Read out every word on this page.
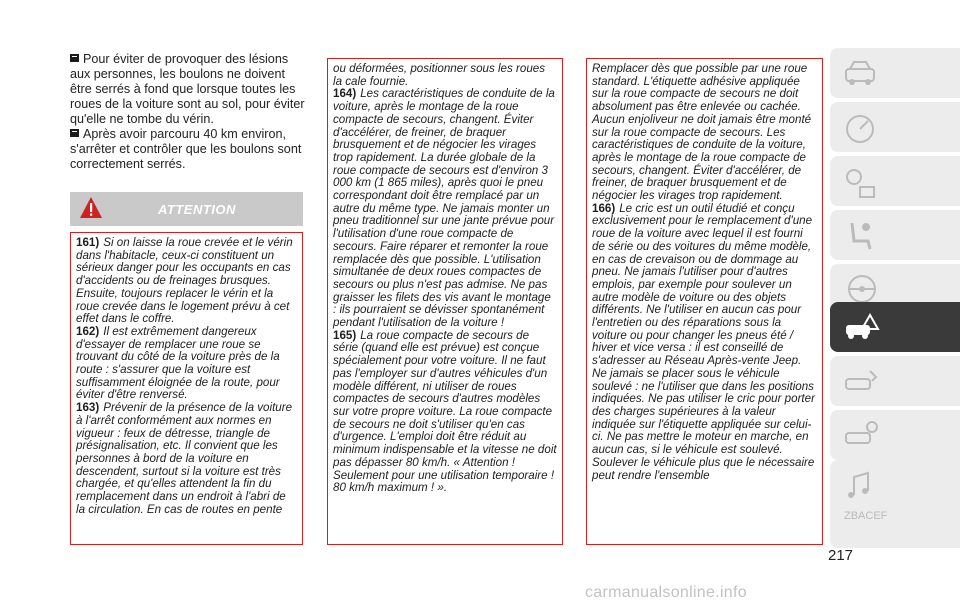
Pour éviter de provoquer des lésions aux personnes, les boulons ne doivent être serrés à fond que lorsque toutes les roues de la voiture sont au sol, pour éviter qu'elle ne tombe du vérin.

Après avoir parcouru 40 km environ, s'arrêter et contrôler que les boulons sont correctement serrés.

ATTENTION

161) Si on laisse la roue crevée et le vérin dans l'habitacle, ceux-ci constituent un sérieux danger pour les occupants en cas d'accidents ou de freinages brusques. Ensuite, toujours replacer le vérin et la roue crevée dans le logement prévu à cet effet dans le coffre.

162) Il est extrêmement dangereux d'essayer de remplacer une roue se trouvant du côté de la voiture près de la route : s'assurer que la voiture est suffisamment éloignée de la route, pour éviter d'être renversé.

163) Prévenir de la présence de la voiture à l'arrêt conformément aux normes en vigueur : feux de détresse, triangle de présignalisation, etc. Il convient que les personnes à bord de la voiture en descendent, surtout si la voiture est très chargée, et qu'elles attendent la fin du remplacement dans un endroit à l'abri de la circulation. En cas de routes en pente

ou déformées, positionner sous les roues la cale fournie.

164) Les caractéristiques de conduite de la voiture, après le montage de la roue compacte de secours, changent. Éviter d'accélérer, de freiner, de braquer brusquement et de négocier les virages trop rapidement. La durée globale de la roue compacte de secours est d'environ 3 000 km (1 865 miles), après quoi le pneu correspondant doit être remplacé par un autre du même type. Ne jamais monter un pneu traditionnel sur une jante prévue pour l'utilisation d'une roue compacte de secours. Faire réparer et remonter la roue remplacée dès que possible. L'utilisation simultanée de deux roues compactes de secours ou plus n'est pas admise. Ne pas graisser les filets des vis avant le montage : ils pourraient se dévisser spontanément pendant l'utilisation de la voiture !

165) La roue compacte de secours de série (quand elle est prévue) est conçue spécialement pour votre voiture. Il ne faut pas l'employer sur d'autres véhicules d'un modèle différent, ni utiliser de roues compactes de secours d'autres modèles sur votre propre voiture. La roue compacte de secours ne doit s'utiliser qu'en cas d'urgence. L'emploi doit être réduit au minimum indispensable et la vitesse ne doit pas dépasser 80 km/h. « Attention ! Seulement pour une utilisation temporaire ! 80 km/h maximum ! ».

Remplacer dès que possible par une roue standard. L'étiquette adhésive appliquée sur la roue compacte de secours ne doit absolument pas être enlevée ou cachée. Aucun enjoliveur ne doit jamais être monté sur la roue compacte de secours. Les caractéristiques de conduite de la voiture, après le montage de la roue compacte de secours, changent. Éviter d'accélérer, de freiner, de braquer brusquement et de négocier les virages trop rapidement.

166) Le cric est un outil étudié et conçu exclusivement pour le remplacement d'une roue de la voiture avec lequel il est fourni de série ou des voitures du même modèle, en cas de crevaison ou de dommage au pneu. Ne jamais l'utiliser pour d'autres emplois, par exemple pour soulever un autre modèle de voiture ou des objets différents. Ne l'utiliser en aucun cas pour l'entretien ou des réparations sous la voiture ou pour changer les pneus été / hiver et vice versa : il est conseillé de s'adresser au Réseau Après-vente Jeep. Ne jamais se placer sous le véhicule soulevé : ne l'utiliser que dans les positions indiquées. Ne pas utiliser le cric pour porter des charges supérieures à la valeur indiquée sur l'étiquette appliquée sur celui-ci. Ne pas mettre le moteur en marche, en aucun cas, si le véhicule est soulevé. Soulever le véhicule plus que le nécessaire peut rendre l'ensemble

ZBACEF
217
carmanualsonline.info
